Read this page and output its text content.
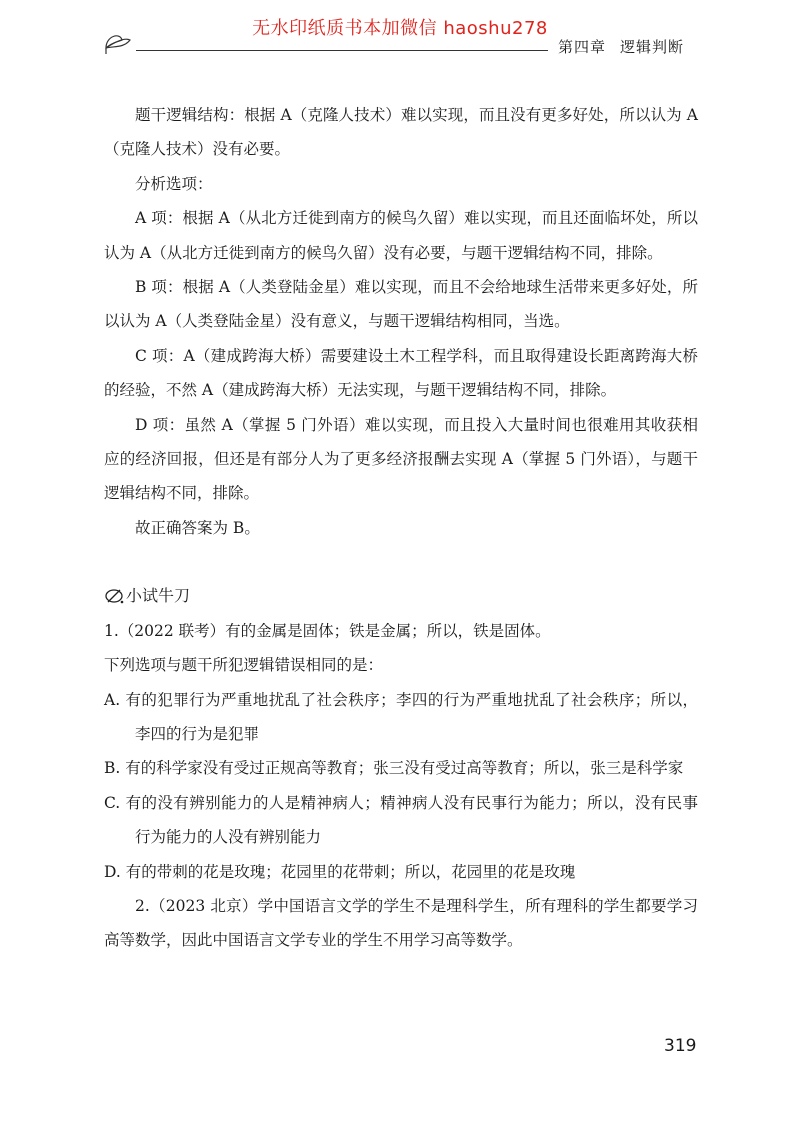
无水印纸质书本加微信 haoshu278
第四章 逻辑判断

题干逻辑结构：根据 A（克隆人技术）难以实现，而且没有更多好处，所以认为 A（克隆人技术）没有必要。

分析选项：

A 项：根据 A（从北方迁徙到南方的候鸟久留）难以实现，而且还面临坏处，所以认为 A（从北方迁徙到南方的候鸟久留）没有必要，与题干逻辑结构不同，排除。

B 项：根据 A（人类登陆金星）难以实现，而且不会给地球生活带来更多好处，所以认为 A（人类登陆金星）没有意义，与题干逻辑结构相同，当选。

C 项：A（建成跨海大桥）需要建设土木工程学科，而且取得建设长距离跨海大桥的经验，不然 A（建成跨海大桥）无法实现，与题干逻辑结构不同，排除。

D 项：虽然 A（掌握 5 门外语）难以实现，而且投入大量时间也很难用其收获相应的经济回报，但还是有部分人为了更多经济报酬去实现 A（掌握 5 门外语），与题干逻辑结构不同，排除。

故正确答案为 B。

小试牛刀

1.（2022 联考）有的金属是固体；铁是金属；所以，铁是固体。

下列选项与题干所犯逻辑错误相同的是：

A. 有的犯罪行为严重地扰乱了社会秩序；李四的行为严重地扰乱了社会秩序；所以，李四的行为是犯罪

B. 有的科学家没有受过正规高等教育；张三没有受过高等教育；所以，张三是科学家

C. 有的没有辨别能力的人是精神病人；精神病人没有民事行为能力；所以，没有民事行为能力的人没有辨别能力

D. 有的带刺的花是玫瑰；花园里的花带刺；所以，花园里的花是玫瑰

2.（2023 北京）学中国语言文学的学生不是理科学生，所有理科的学生都要学习高等数学，因此中国语言文学专业的学生不用学习高等数学。

319
